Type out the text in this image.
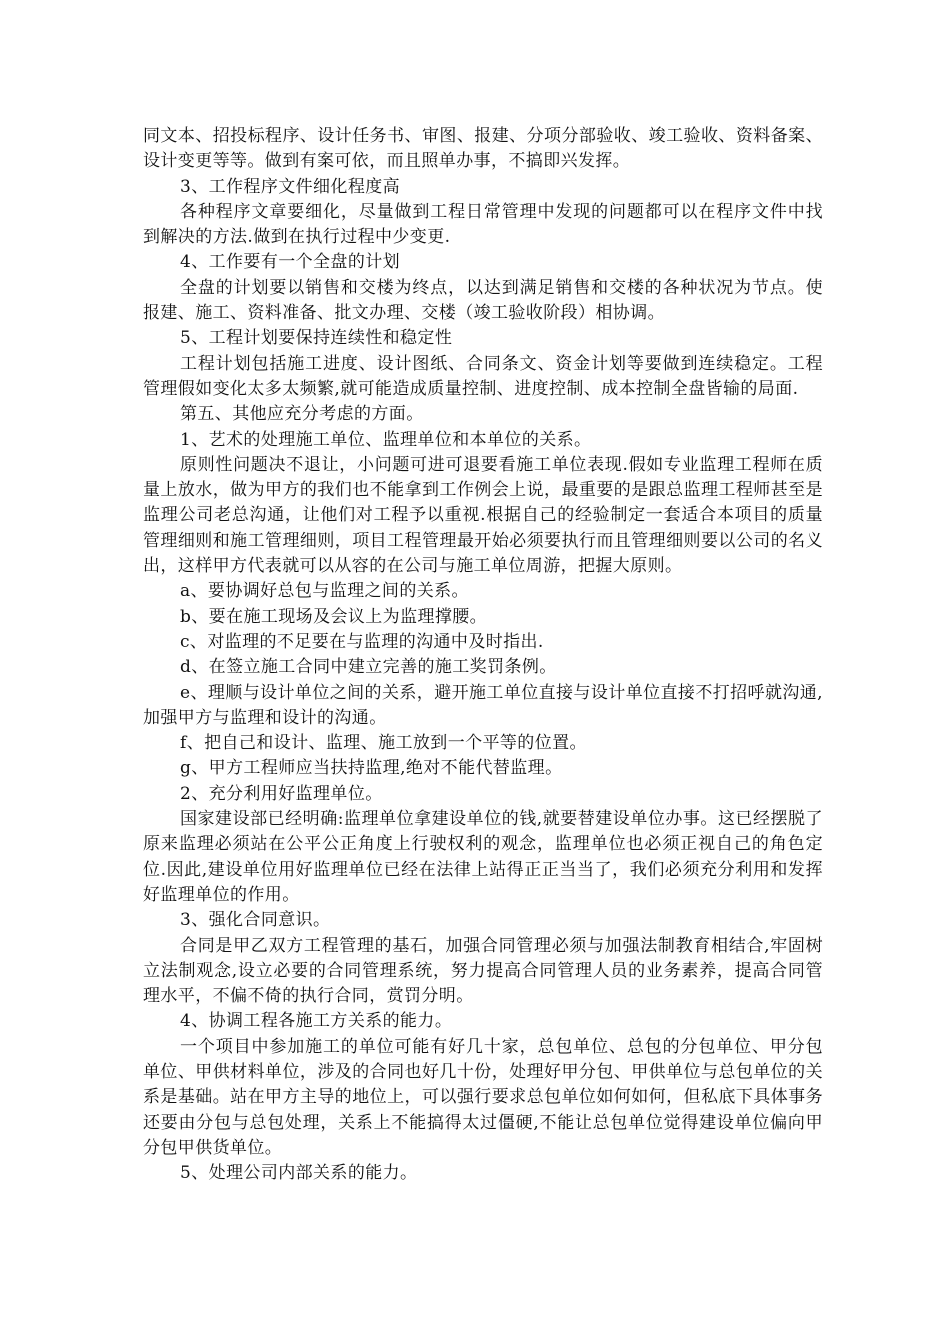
同文本、招投标程序、设计任务书、审图、报建、分项分部验收、竣工验收、资料备案、设计变更等等。做到有案可依，而且照单办事，不搞即兴发挥。

3、工作程序文件细化程度高

各种程序文章要细化，尽量做到工程日常管理中发现的问题都可以在程序文件中找到解决的方法.做到在执行过程中少变更.

4、工作要有一个全盘的计划

全盘的计划要以销售和交楼为终点，以达到满足销售和交楼的各种状况为节点。使报建、施工、资料准备、批文办理、交楼（竣工验收阶段）相协调。

5、工程计划要保持连续性和稳定性

工程计划包括施工进度、设计图纸、合同条文、资金计划等要做到连续稳定。工程管理假如变化太多太频繁,就可能造成质量控制、进度控制、成本控制全盘皆输的局面.

第五、其他应充分考虑的方面。

1、艺术的处理施工单位、监理单位和本单位的关系。

原则性问题决不退让，小问题可进可退要看施工单位表现.假如专业监理工程师在质量上放水，做为甲方的我们也不能拿到工作例会上说，最重要的是跟总监理工程师甚至是监理公司老总沟通，让他们对工程予以重视.根据自己的经验制定一套适合本项目的质量管理细则和施工管理细则，项目工程管理最开始必须要执行而且管理细则要以公司的名义出，这样甲方代表就可以从容的在公司与施工单位周游，把握大原则。

a、要协调好总包与监理之间的关系。

b、要在施工现场及会议上为监理撑腰。

c、对监理的不足要在与监理的沟通中及时指出.

d、在签立施工合同中建立完善的施工奖罚条例。

e、理顺与设计单位之间的关系，避开施工单位直接与设计单位直接不打招呼就沟通,加强甲方与监理和设计的沟通。

f、把自己和设计、监理、施工放到一个平等的位置。

g、甲方工程师应当扶持监理,绝对不能代替监理。

2、充分利用好监理单位。

国家建设部已经明确:监理单位拿建设单位的钱,就要替建设单位办事。这已经摆脱了原来监理必须站在公平公正角度上行驶权利的观念，监理单位也必须正视自己的角色定位.因此,建设单位用好监理单位已经在法律上站得正正当当了，我们必须充分利用和发挥好监理单位的作用。

3、强化合同意识。

合同是甲乙双方工程管理的基石，加强合同管理必须与加强法制教育相结合,牢固树立法制观念,设立必要的合同管理系统，努力提高合同管理人员的业务素养，提高合同管理水平，不偏不倚的执行合同，赏罚分明。

4、协调工程各施工方关系的能力。

一个项目中参加施工的单位可能有好几十家，总包单位、总包的分包单位、甲分包单位、甲供材料单位，涉及的合同也好几十份，处理好甲分包、甲供单位与总包单位的关系是基础。站在甲方主导的地位上，可以强行要求总包单位如何如何，但私底下具体事务还要由分包与总包处理，关系上不能搞得太过僵硬,不能让总包单位觉得建设单位偏向甲分包甲供货单位。

5、处理公司内部关系的能力。
